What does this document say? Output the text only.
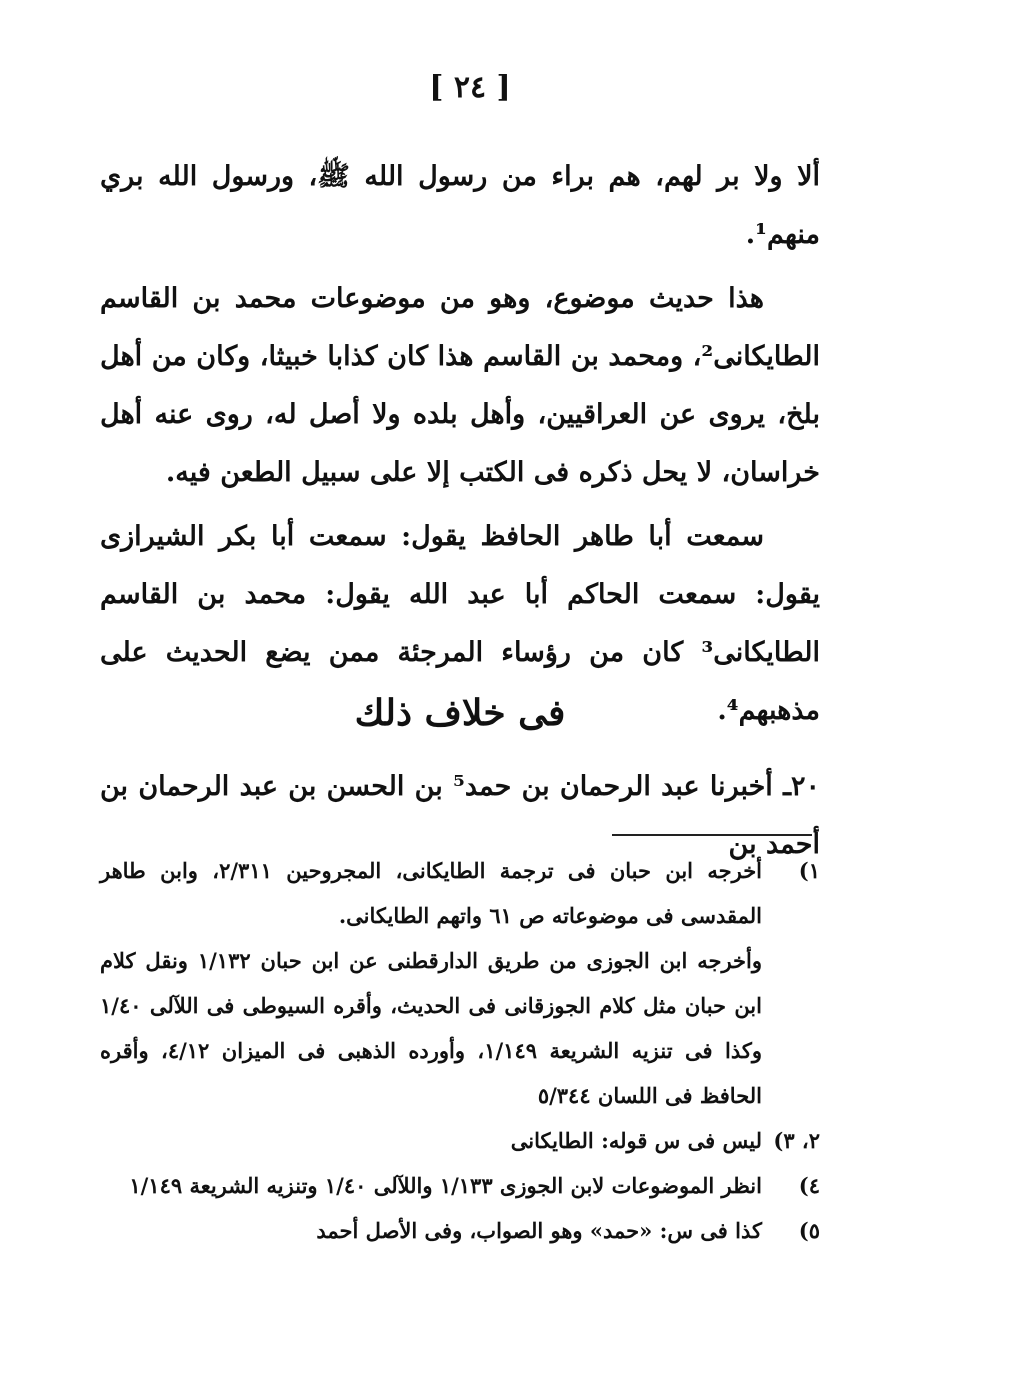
[ ٢٤ ]

ألا ولا بر لهم، هم براء من رسول الله ﷺ، ورسول الله بري منهم¹.

هذا حديث موضوع، وهو من موضوعات محمد بن القاسم الطايكانى²، ومحمد بن القاسم هذا كان كذابا خبيثا، وكان من أهل بلخ، يروى عن العراقيين، وأهل بلده ولا أصل له، روى عنه أهل خراسان، لا يحل ذكره فى الكتب إلا على سبيل الطعن فيه.

سمعت أبا طاهر الحافظ يقول: سمعت أبا بكر الشيرازى يقول: سمعت الحاكم أبا عبد الله يقول: محمد بن القاسم الطايكانى³ كان من رؤساء المرجئة ممن يضع الحديث على مذهبهم⁴.

فى خلاف ذلك
٢٠ـ أخبرنا عبد الرحمان بن حمد⁵ بن الحسن بن عبد الرحمان بن أحمد بن
١)

أخرجه ابن حبان فى ترجمة الطايكانى، المجروحين ٢/٣١١، وابن طاهر المقدسى فى موضوعاته ص ٦١ واتهم الطايكانى.

وأخرجه ابن الجوزى من طريق الدارقطنى عن ابن حبان ١/١٣٢ ونقل كلام ابن حبان مثل كلام الجوزقانى فى الحديث، وأقره السيوطى فى اللآلى ١/٤٠ وكذا فى تنزيه الشريعة ١/١٤٩، وأورده الذهبى فى الميزان ٤/١٢، وأقره الحافظ فى اللسان ٥/٣٤٤

٢، ٣)

ليس فى س قوله: الطايكانى

٤)

انظر الموضوعات لابن الجوزى ١/١٣٣ واللآلى ١/٤٠ وتنزيه الشريعة ١/١٤٩

٥)

كذا فى س: «حمد» وهو الصواب، وفى الأصل أحمد
